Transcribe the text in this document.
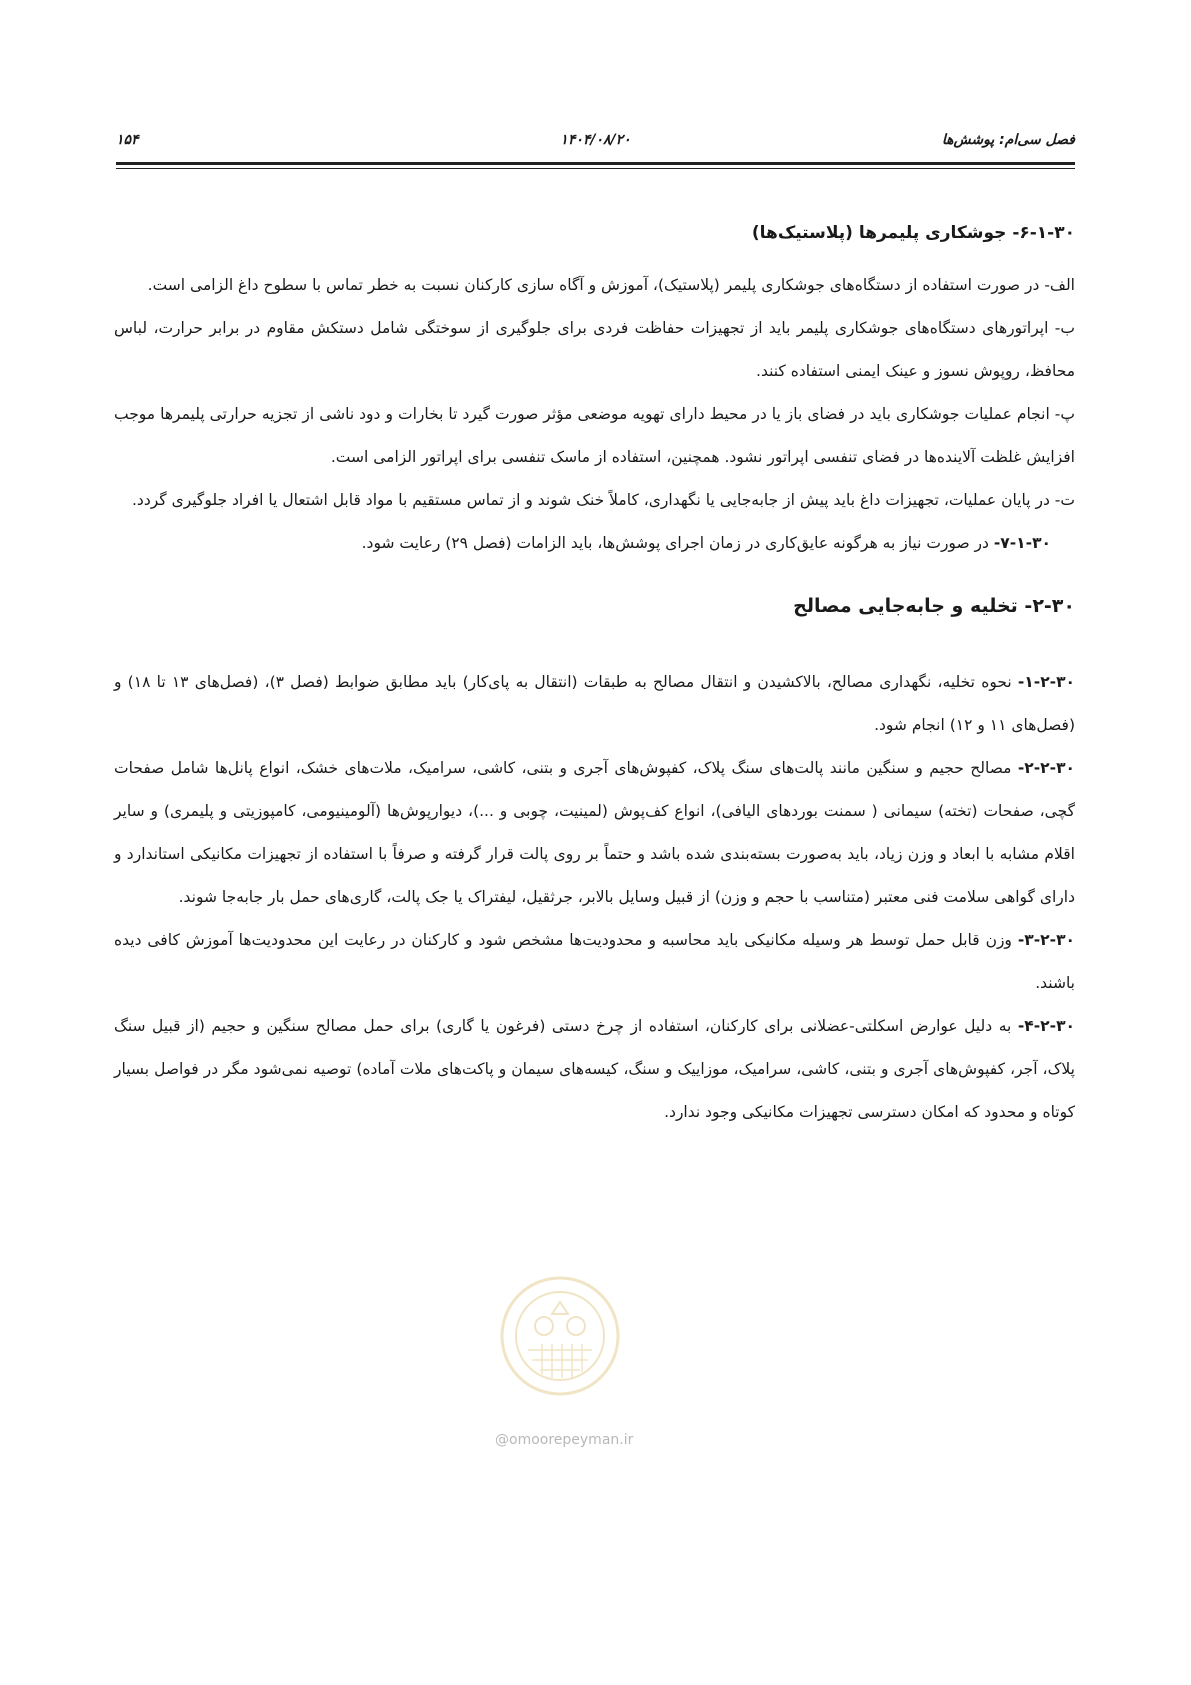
فصل سی‌ام: پوشش‌ها
۱۴۰۴/۰۸/۲۰
۱۵۴
۶-۱-۳۰- جوشکاری پلیمرها (پلاستیک‌ها)

الف- در صورت استفاده از دستگاه‌های جوشکاری پلیمر (پلاستیک)، آموزش و آگاه سازی کارکنان نسبت به خطر تماس با سطوح داغ الزامی است.

ب- اپراتورهای دستگاه‌های جوشکاری پلیمر باید از تجهیزات حفاظت فردی برای جلوگیری از سوختگی شامل دستکش مقاوم در برابر حرارت، لباس محافظ، روپوش نسوز و عینک ایمنی استفاده کنند.

پ- انجام عملیات جوشکاری باید در فضای باز یا در محیط دارای تهویه موضعی مؤثر صورت گیرد تا بخارات و دود ناشی از تجزیه حرارتی پلیمرها موجب افزایش غلظت آلاینده‌ها در فضای تنفسی اپراتور نشود. همچنین، استفاده از ماسک تنفسی برای اپراتور الزامی است.

ت- در پایان عملیات، تجهیزات داغ باید پیش از جابه‌جایی یا نگهداری، کاملاً خنک شوند و از تماس مستقیم با مواد قابل اشتعال یا افراد جلوگیری گردد.

۷-۱-۳۰- در صورت نیاز به هرگونه عایق‌کاری در زمان اجرای پوشش‌ها، باید الزامات (فصل ۲۹) رعایت شود.

۲-۳۰- تخلیه و جابه‌جایی مصالح

۱-۲-۳۰- نحوه تخلیه، نگهداری مصالح، بالاکشیدن و انتقال مصالح به طبقات (انتقال به پای‌کار) باید مطابق ضوابط (فصل ۳)، (فصل‌های ۱۳ تا ۱۸) و (فصل‌های ۱۱ و ۱۲) انجام شود.

۲-۲-۳۰- مصالح حجیم و سنگین مانند پالت‌های سنگ پلاک، کفپوش‌های آجری و بتنی، کاشی، سرامیک، ملات‌های خشک، انواع پانل‌ها شامل صفحات گچی، صفحات (تخته) سیمانی ( سمنت بوردهای الیافی)، انواع کف‌پوش (لمینیت، چوبی و ...)، دیوارپوش‌ها (آلومینیومی، کامپوزیتی و پلیمری) و سایر اقلام مشابه با ابعاد و وزن زیاد، باید به‌صورت بسته‌بندی شده باشد و حتماً بر روی پالت قرار گرفته و صرفاً با استفاده از تجهیزات مکانیکی استاندارد و دارای گواهی سلامت فنی معتبر (متناسب با حجم و وزن) از قبیل وسایل بالابر، جرثقیل، لیفتراک یا جک پالت، گاری‌های حمل بار جابه‌جا شوند.

۳-۲-۳۰- وزن قابل حمل توسط هر وسیله مکانیکی باید محاسبه و محدودیت‌ها مشخص شود و کارکنان در رعایت این محدودیت‌ها آموزش کافی دیده باشند.

۴-۲-۳۰- به دلیل عوارض اسکلتی-عضلانی برای کارکنان، استفاده از چرخ دستی (فرغون یا گاری) برای حمل مصالح سنگین و حجیم (از قبیل سنگ پلاک، آجر، کفپوش‌های آجری و بتنی، کاشی، سرامیک، موزاییک و سنگ، کیسه‌های سیمان و پاکت‌های ملات آماده) توصیه نمی‌شود مگر در فواصل بسیار کوتاه و محدود که امکان دسترسی تجهیزات مکانیکی وجود ندارد.

@omoorepeyman.ir
